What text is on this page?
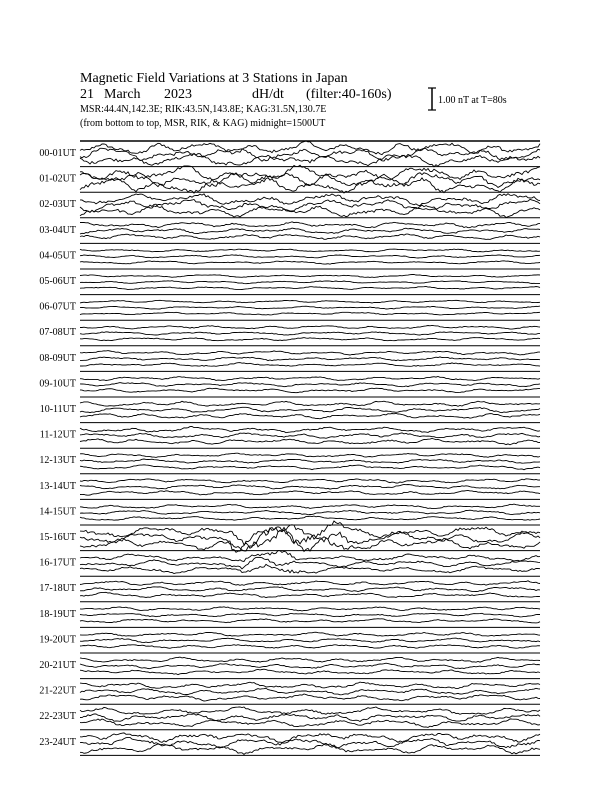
Magnetic Field Variations at 3 Stations in Japan
21 March 2023	dH/dt (filter:40-160s)
MSR:44.4N,142.3E; RIK:43.5N,143.8E; KAG:31.5N,130.7E
(from bottom to top, MSR, RIK, & KAG) midnight=1500UT
1.00 nT at T=80s
00-01UT
01-02UT
02-03UT
03-04UT
04-05UT
05-06UT
06-07UT
07-08UT
08-09UT
09-10UT
10-11UT
11-12UT
12-13UT
13-14UT
14-15UT
15-16UT
16-17UT
17-18UT
18-19UT
19-20UT
20-21UT
21-22UT
22-23UT
23-24UT
